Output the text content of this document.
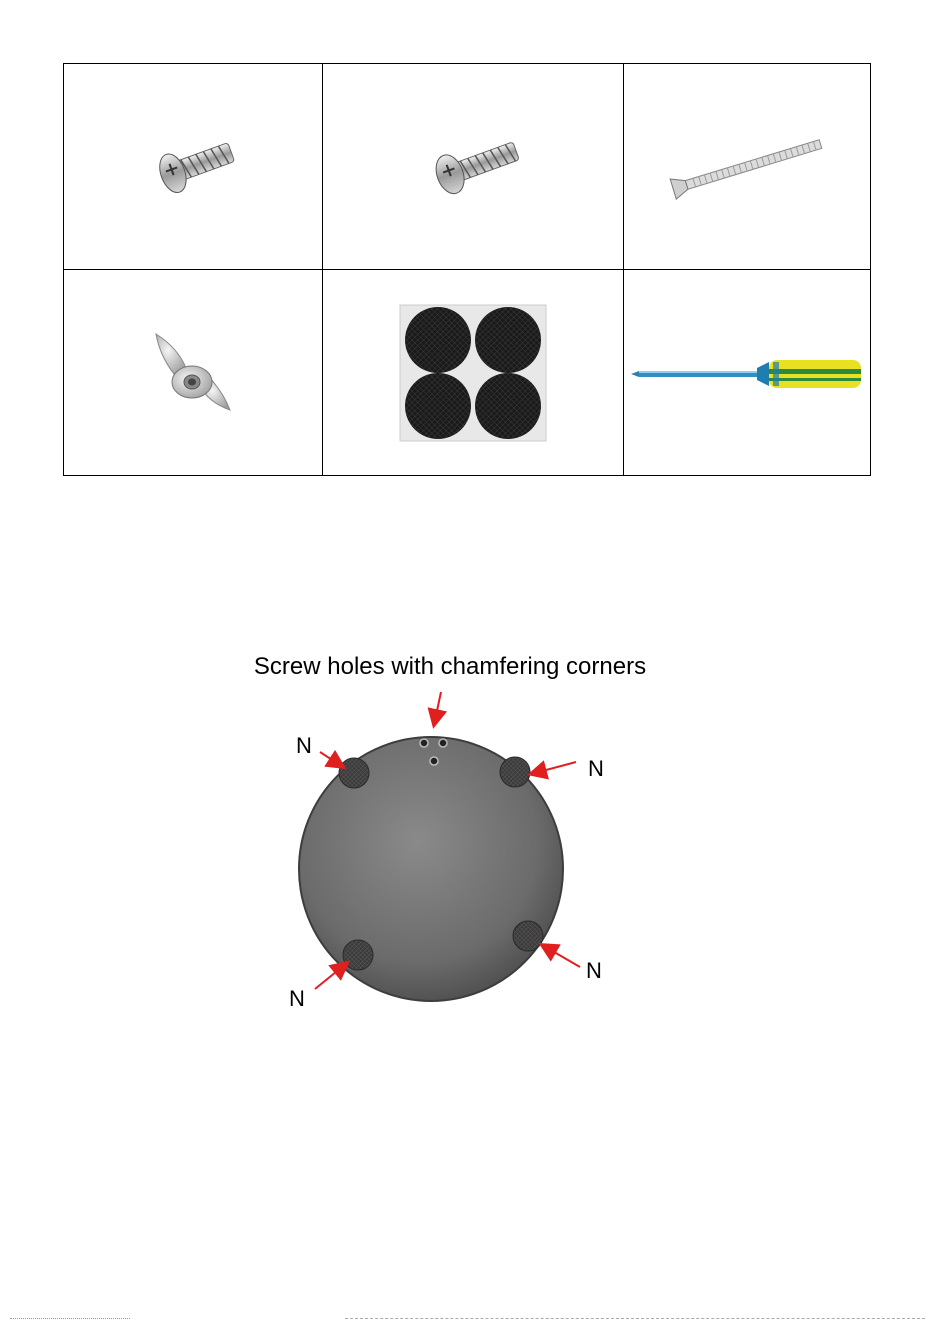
Screw holes with chamfering corners
N
N
N
N
